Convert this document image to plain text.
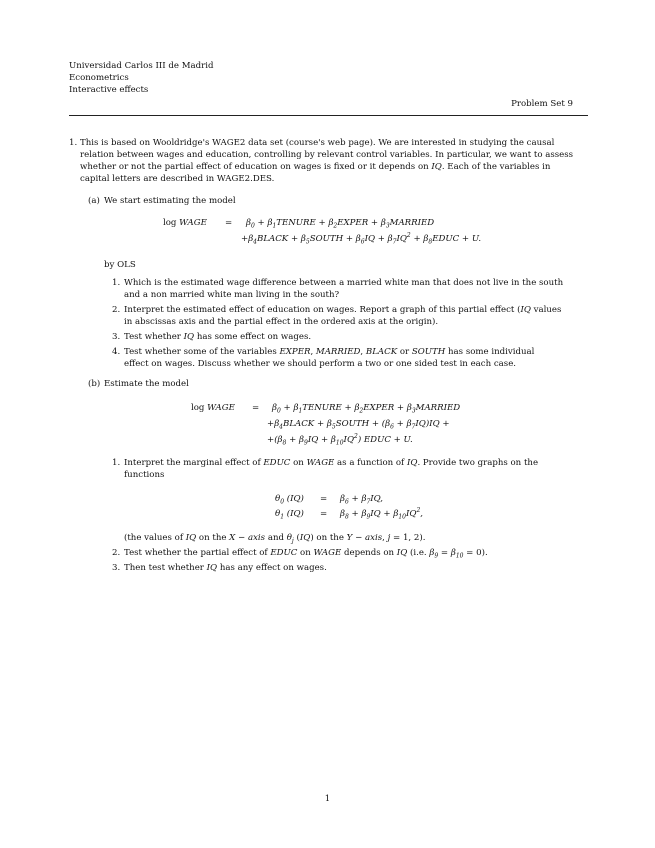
Universidad Carlos III de Madrid
Econometrics
Interactive effects
Problem Set 9
1. This is based on Wooldridge's WAGE2 data set (course's web page). We are interested in studying the causal
relation between wages and education, controlling by relevant control variables. In particular, we want to assess
whether or not the partial effect of education on wages is fixed or it depends on IQ. Each of the variables in
capital letters are described in WAGE2.DES.
(a) We start estimating the model
log WAGE = $\beta_0$ + $\beta_1TENURE$ + $\beta_2EXPER$ + $\beta_3MARRIED$
$+\beta_4BLACK$ + $\beta_5SOUTH + \beta_6IQ + \beta_7IQ^2$ + $\beta_8EDUC + U$.
by OLS
1. Which is the estimated wage difference between a married white man that does not live in the south
and a non married white man living in the south?
2. Interpret the estimated effect of education on wages. Report a graph of this partial effect (IQ values
in abscissas axis and the partial effect in the ordered axis at the origin).
3. Test whether IQ has some effect on wages.
4. Test whether some of the variables EXPER, MARRIED, BLACK or SOUTH has some individual
effect on wages. Discuss whether we should perform a two or one sided test in each case.
(b) Estimate the model
log WAGE = $\beta_0$ + $\beta_1TENURE$ + $\beta_2EXPER$ + $\beta_3MARRIED$
$+\beta_4BLACK$ + $\beta_5SOUTH + (\beta_6 + \beta_7IQ)IQ$ +
$+(\beta_8 + \beta_9IQ + \beta_{10}IQ^2)$ EDUC + U.
1. Interpret the marginal effect of EDUC on WAGE as a function of IQ. Provide two graphs on the
functions
$\theta_0$ $(IQ) = \beta_6 + \beta_7IQ$,
$\theta_1$ $(IQ) = \beta_8 + \beta_9IQ + \beta_{10}IQ^2$,
(the values of IQ on the X − axis and $\theta_j$ (IQ) on the Y − axis, j = 1, 2).
2. Test whether the partial effect of EDUC on WAGE depends on IQ (i.e. $\beta_9 = \beta_{10} = 0$).
3. Then test whether IQ has any effect on wages.
1
